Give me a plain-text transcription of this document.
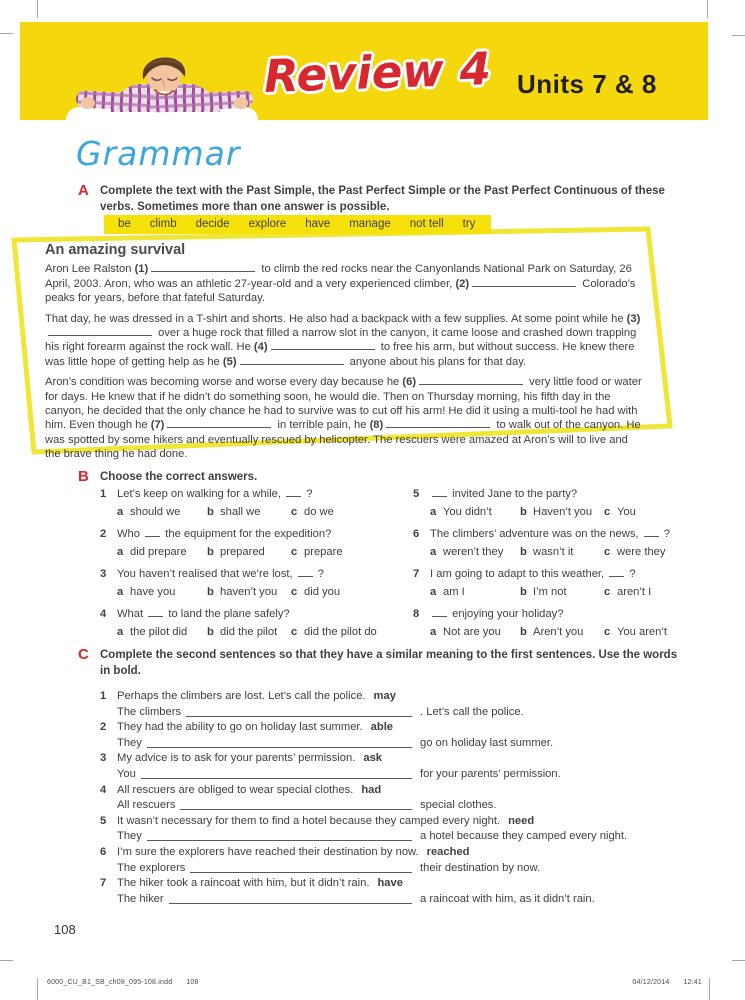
Review 4 Units 7 & 8
Grammar
A Complete the text with the Past Simple, the Past Perfect Simple or the Past Perfect Continuous of these verbs. Sometimes more than one answer is possible.
be climb decide explore have manage not tell try
An amazing survival

Aron Lee Ralston (1)	to climb the red rocks near the Canyonlands National Park on Saturday, 26 April, 2003. Aron, who was an athletic 27-year-old and a very experienced climber, (2)	Colorado’s peaks for years, before that fateful Saturday.

That day, he was dressed in a T-shirt and shorts. He also had a backpack with a few supplies. At some point while he (3) over a huge rock that filled a narrow slot in the canyon, it came loose and crashed down trapping his right forearm against the rock wall. He (4)	to free his arm, but without success. He knew there was little hope of getting help as he (5)	anyone about his plans for that day.

Aron’s condition was becoming worse and worse every day because he (6)	very little food or water for days. He knew that if he didn’t do something soon, he would die. Then on Thursday morning, his fifth day in the canyon, he decided that the only chance he had to survive was to cut off his arm! He did it using a multi-tool he had with him. Even though he (7)	in terrible pain, he (8)	to walk out of the canyon. He was spotted by some hikers and eventually rescued by helicopter. The rescuers were amazed at Aron’s will to live and the brave thing he had done.

B Choose the correct answers.
1 Let’s keep on walking for a while,  ?
a should we b shall we	c do we
2 Who  the equipment for the expedition?
a did prepare b prepared c prepare
3 You haven’t realised that we’re lost,  ?
a have you	b haven’t you c did you
4 What  to land the plane safely?
a the pilot did b did the pilot c did the pilot do
5	invited Jane to the party?
a You didn’t	b Haven’t you c You
6 The climbers’ adventure was on the news,  ?
a weren’t they b wasn’t it	c were they
7 I am going to adapt to this weather,  ?
a am I	b I’m not	c aren’t I
8	enjoying your holiday?
a Not are you b Aren’t you c You aren’t
C Complete the second sentences so that they have a similar meaning to the first sentences. Use the words in bold.
1 Perhaps the climbers are lost. Let’s call the police. may
The climbers	. Let’s call the police.
2 They had the ability to go on holiday last summer. able
They	go on holiday last summer.
3 My advice is to ask for your parents’ permission. ask
You	for your parents’ permission.
4 All rescuers are obliged to wear special clothes. had
All rescuers	special clothes.
5 It wasn’t necessary for them to find a hotel because they camped every night. need
They	a hotel because they camped every night.
6 I’m sure the explorers have reached their destination by now. reached
The explorers	their destination by now.
7 The hiker took a raincoat with him, but it didn’t rain. have
The hiker	a raincoat with him, as it didn’t rain.
108
6000_CU_B1_SB_ch08_095-108.indd 108	04/12/2014 12:41
